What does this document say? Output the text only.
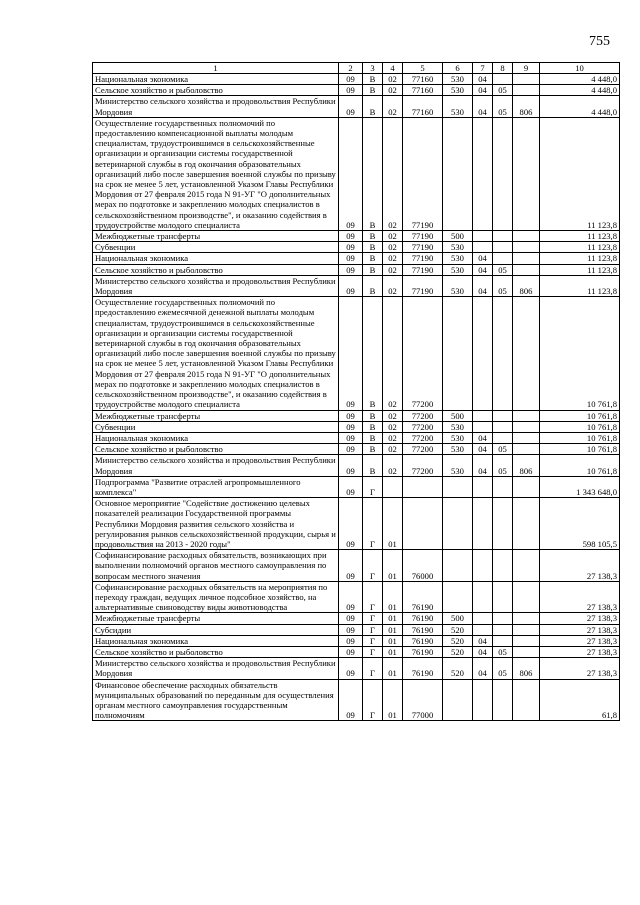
755
1	2	3	4	5	6	7	8	9	10
Национальная экономика	09	В	02	77160	530	04			4 448,0
Сельское хозяйство и рыболовство	09	В	02	77160	530	04	05		4 448,0
Министерство сельского хозяйства и продовольствия Республики Мордовия	09	В	02	77160	530	04	05	806	4 448,0
Осуществление государственных полномочий по предоставлению компенсационной выплаты молодым специалистам, трудоустроившимся в сельскохозяйственные организации и организации системы государственной ветеринарной службы в год окончания образовательных организаций либо после завершения военной службы по призыву на срок не менее 5 лет, установленной Указом Главы Республики Мордовия от 27 февраля 2015 года N 91-УГ "О дополнительных мерах по подготовке и закреплению молодых специалистов в сельскохозяйственном производстве", и оказанию содействия в трудоустройстве молодого специалиста	09	В	02	77190					11 123,8
Межбюджетные трансферты	09	В	02	77190	500				11 123,8
Субвенции	09	В	02	77190	530				11 123,8
Национальная экономика	09	В	02	77190	530	04			11 123,8
Сельское хозяйство и рыболовство	09	В	02	77190	530	04	05		11 123,8
Министерство сельского хозяйства и продовольствия Республики Мордовия	09	В	02	77190	530	04	05	806	11 123,8
Осуществление государственных полномочий по предоставлению ежемесячной денежной выплаты молодым специалистам, трудоустроившимся в сельскохозяйственные организации и организации системы государственной ветеринарной службы в год окончания образовательных организаций либо после завершения военной службы по призыву на срок не менее 5 лет, установленной Указом Главы Республики Мордовия от 27 февраля 2015 года N 91-УГ "О дополнительных мерах по подготовке и закреплению молодых специалистов в сельскохозяйственном производстве", и оказанию содействия в трудоустройстве молодого специалиста	09	В	02	77200					10 761,8
Межбюджетные трансферты	09	В	02	77200	500				10 761,8
Субвенции	09	В	02	77200	530				10 761,8
Национальная экономика	09	В	02	77200	530	04			10 761,8
Сельское хозяйство и рыболовство	09	В	02	77200	530	04	05		10 761,8
Министерство сельского хозяйства и продовольствия Республики Мордовия	09	В	02	77200	530	04	05	806	10 761,8
Подпрограмма "Развитие отраслей агропромышленного комплекса"	09	Г							1 343 648,0
Основное мероприятие "Содействие достижению целевых показателей реализации Государственной программы Республики Мордовия развития сельского хозяйства и регулирования рынков сельскохозяйственной продукции, сырья и продовольствия на 2013 - 2020 годы"	09	Г	01						598 105,5
Софинансирование расходных обязательств, возникающих при выполнении полномочий органов местного самоуправления по вопросам местного значения	09	Г	01	76000					27 138,3
Софинансирование расходных обязательств на мероприятия по переходу граждан, ведущих личное подсобное хозяйство, на альтернативные свиноводству виды животноводства	09	Г	01	76190					27 138,3
Межбюджетные трансферты	09	Г	01	76190	500				27 138,3
Субсидии	09	Г	01	76190	520				27 138,3
Национальная экономика	09	Г	01	76190	520	04			27 138,3
Сельское хозяйство и рыболовство	09	Г	01	76190	520	04	05		27 138,3
Министерство сельского хозяйства и продовольствия Республики Мордовия	09	Г	01	76190	520	04	05	806	27 138,3
Финансовое обеспечение расходных обязательств муниципальных образований по переданным для осуществления органам местного самоуправления государственным полномочиям	09	Г	01	77000					61,8
